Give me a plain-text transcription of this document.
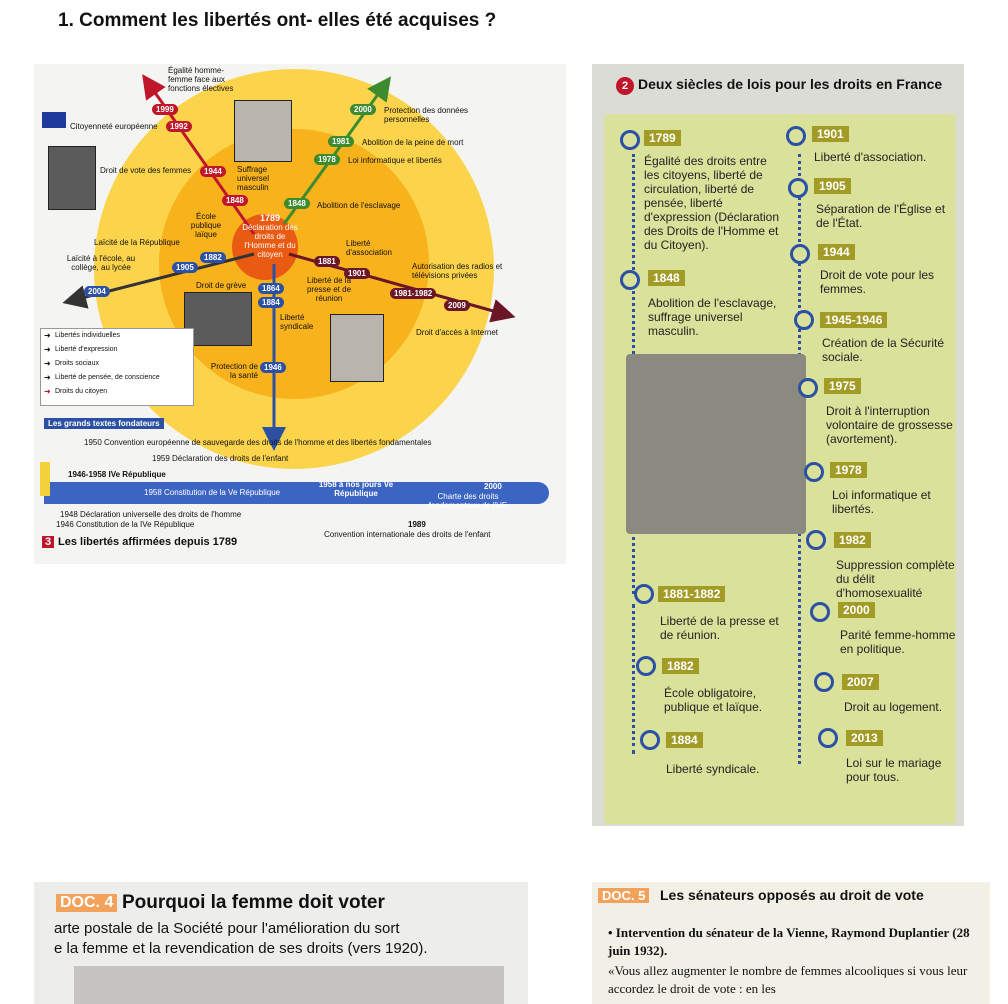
1. Comment les libertés ont- elles été acquises ?
1789
Déclaration des droits de l'Homme et du citoyen
Égalité homme-femme face aux fonctions électives
1999
Citoyenneté européenne	1992
Droit de vote des femmes	1944	Suffrage universel masculin
1848
2000	Protection des données personnelles
1981	Abolition de la peine de mort
1978	Loi informatique et libertés
1848	Abolition de l'esclavage
École publique laïque
Laïcité de la République
1882
Laïcité à l'école, au collège, au lycée	1905
2004
Droit de grève	1864
1884
Liberté syndicale
Protection de la santé
1946
Liberté d'association
1881
1901
Liberté de la presse et de réunion
Autorisation des radios et télévisions privées
1981-1982
2009
Droit d'accès à Internet
➜ Libertés individuelles
➜ Liberté d'expression
➜ Droits sociaux
➜ Liberté de pensée, de conscience
➜ Droits du citoyen
Les grands textes fondateurs
1950 Convention européenne de sauvegarde des droits de l'homme et des libertés fondamentales
1959 Déclaration des droits de l'enfant
1946-1958 IVe République
1958 Constitution de la Ve République
1958 à nos jours Ve République
2000
Charte des droits fondamentaux de l'UE
1948 Déclaration universelle des droits de l'homme
1946 Constitution de la IVe République	1989
Convention internationale des droits de l'enfant
3 Les libertés affirmées depuis 1789
2 Deux siècles de lois pour les droits en France
1789
Égalité des droits entre les citoyens, liberté de circulation, liberté de pensée, liberté d'expression (Déclaration des Droits de l'Homme et du Citoyen).
1848
Abolition de l'esclavage, suffrage universel masculin.
1881-1882
Liberté de la presse et de réunion.
1882
École obligatoire, publique et laïque.
1884
Liberté syndicale.
1901
Liberté d'association.
1905
Séparation de l'Église et de l'État.
1944
Droit de vote pour les femmes.
1945-1946
Création de la Sécurité sociale.
1975
Droit à l'interruption volontaire de grossesse (avortement).
1978
Loi informatique et libertés.
1982
Suppression complète du délit d'homosexualité
2000
Parité femme-homme en politique.
2007
Droit au logement.
2013
Loi sur le mariage pour tous.
DOC. 4 Pourquoi la femme doit voter
arte postale de la Société pour l'amélioration du sort
e la femme et la revendication de ses droits (vers 1920).
DOC. 5 Les sénateurs opposés au droit de vote
• Intervention du sénateur de la Vienne, Raymond Duplantier (28 juin 1932).
«Vous allez augmenter le nombre de femmes alcooliques si vous leur accordez le droit de vote : en les
